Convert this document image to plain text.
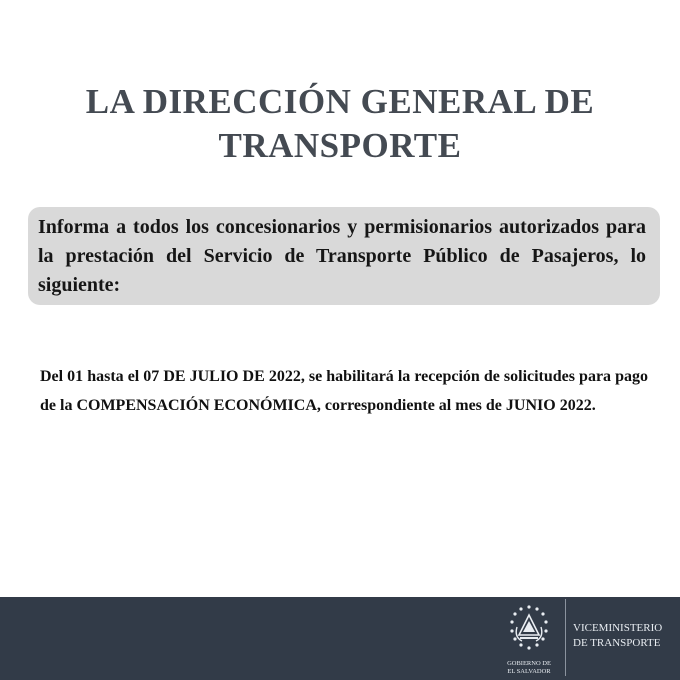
LA DIRECCIÓN GENERAL DE
TRANSPORTE

Informa a todos los concesionarios y permisionarios autorizados para la prestación del Servicio de Transporte Público de Pasajeros, lo siguiente:

Del 01 hasta el 07 DE JULIO DE 2022, se habilitará la recepción de solicitudes para pago de la COMPENSACIÓN ECONÓMICA, correspondiente al mes de JUNIO 2022.

GOBIERNO DE
EL SALVADOR
VICEMINISTERIO
DE TRANSPORTE
